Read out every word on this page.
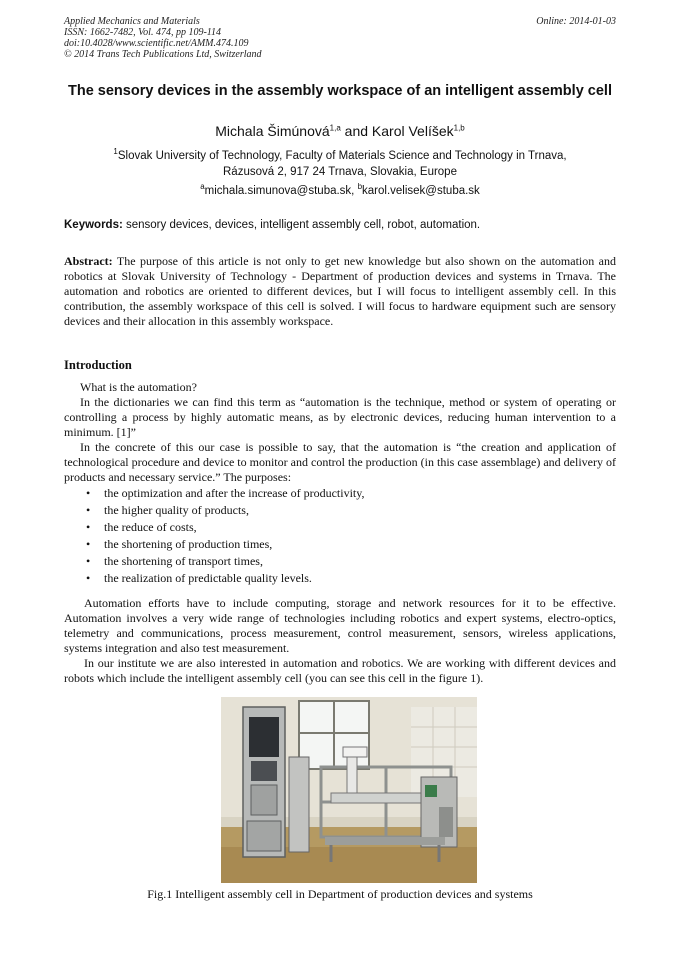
Applied Mechanics and Materials
ISSN: 1662-7482, Vol. 474, pp 109-114
doi:10.4028/www.scientific.net/AMM.474.109
© 2014 Trans Tech Publications Ltd, Switzerland
Online: 2014-01-03
The sensory devices in the assembly workspace of an intelligent assembly cell
Michala Šimúnová$^{1,a}$ and Karol Velíšek$^{1,b}$
$^1$Slovak University of Technology, Faculty of Materials Science and Technology in Trnava,
Rázusová 2, 917 24 Trnava, Slovakia, Europe
$^a$michala.simunova@stuba.sk, $^b$karol.velisek@stuba.sk
Keywords: sensory devices, devices, intelligent assembly cell, robot, automation.
Abstract: The purpose of this article is not only to get new knowledge but also shown on the automation and robotics at Slovak University of Technology - Department of production devices and systems in Trnava. The automation and robotics are oriented to different devices, but I will focus to intelligent assembly cell. In this contribution, the assembly workspace of this cell is solved. I will focus to hardware equipment such are sensory devices and their allocation in this assembly workspace.
Introduction

What is the automation?

In the dictionaries we can find this term as “automation is the technique, method or system of operating or controlling a process by highly automatic means, as by electronic devices, reducing human intervention to a minimum. [1]”

In the concrete of this our case is possible to say, that the automation is “the creation and application of technological procedure and device to monitor and control the production (in this case assemblage) and delivery of products and necessary service.” The purposes:

• the optimization and after the increase of productivity,
• the higher quality of products,
• the reduce of costs,
• the shortening of production times,
• the shortening of transport times,
• the realization of predictable quality levels.

Automation efforts have to include computing, storage and network resources for it to be effective. Automation involves a very wide range of technologies including robotics and expert systems, electro-optics, telemetry and communications, process measurement, control measurement, sensors, wireless applications, systems integration and also test measurement.

In our institute we are also interested in automation and robotics. We are working with different devices and robots which include the intelligent assembly cell (you can see this cell in the figure 1).

Fig.1 Intelligent assembly cell in Department of production devices and systems
